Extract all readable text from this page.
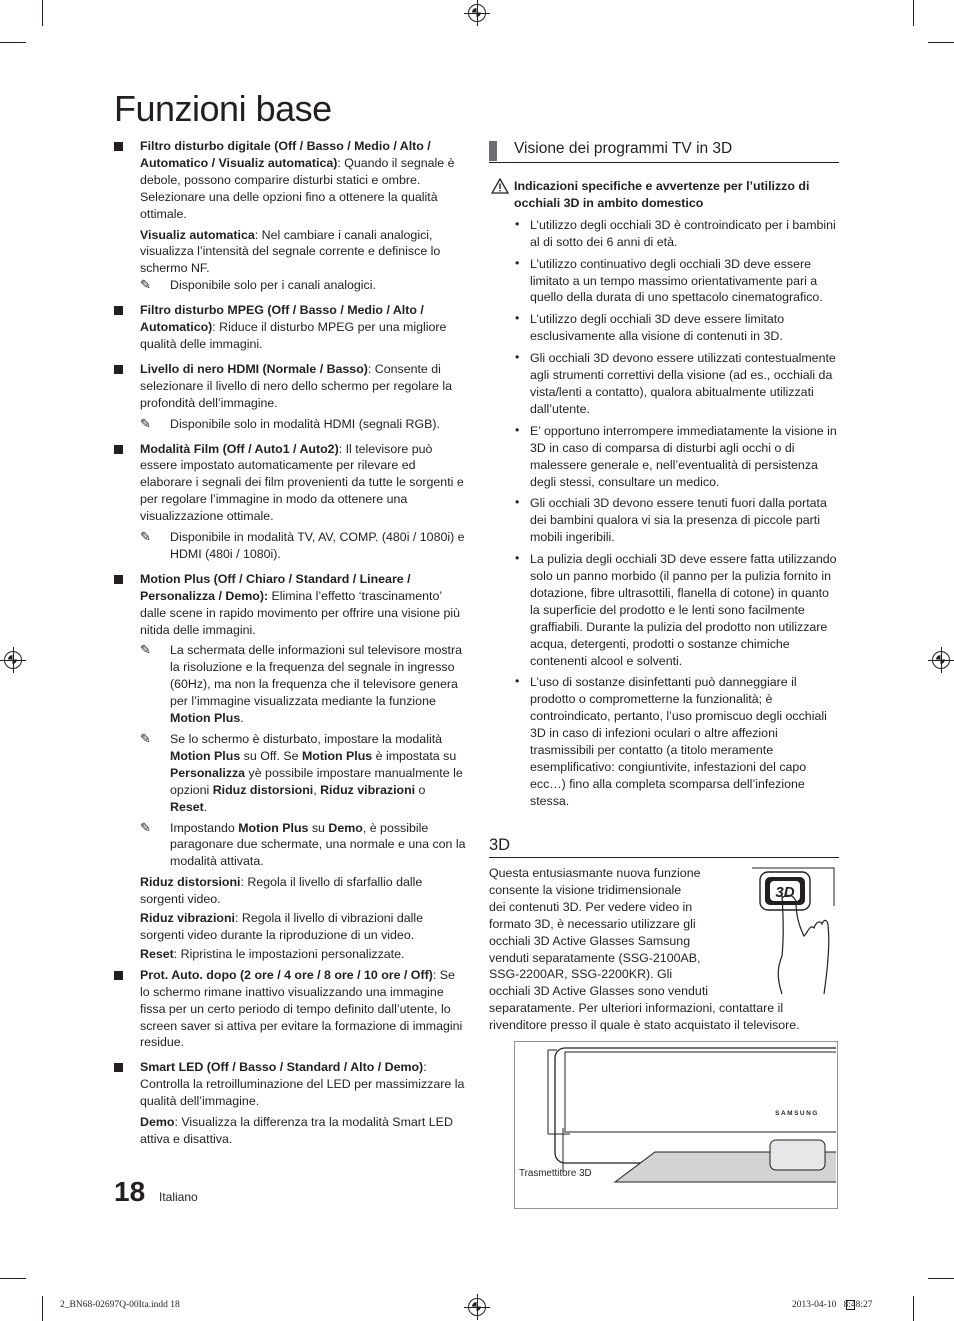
Funzioni base

Filtro disturbo digitale (Off / Basso / Medio / Alto / Automatico / Visualiz automatica): Quando il segnale è debole, possono comparire disturbi statici e ombre. Selezionare una delle opzioni fino a ottenere la qualità ottimale.

Visualiz automatica: Nel cambiare i canali analogici, visualizza l’intensità del segnale corrente e definisce lo schermo NF.

✎ Disponibile solo per i canali analogici.

Filtro disturbo MPEG (Off / Basso / Medio / Alto / Automatico): Riduce il disturbo MPEG per una migliore qualità delle immagini.

Livello di nero HDMI (Normale / Basso): Consente di selezionare il livello di nero dello schermo per regolare la profondità dell’immagine.

✎ Disponibile solo in modalità HDMI (segnali RGB).

Modalità Film (Off / Auto1 / Auto2): Il televisore può essere impostato automaticamente per rilevare ed elaborare i segnali dei film provenienti da tutte le sorgenti e per regolare l’immagine in modo da ottenere una visualizzazione ottimale.

✎ Disponibile in modalità TV, AV, COMP. (480i / 1080i) e HDMI (480i / 1080i).

Motion Plus (Off / Chiaro / Standard / Lineare / Personalizza / Demo): Elimina l’effetto ‘trascinamento’ dalle scene in rapido movimento per offrire una visione più nitida delle immagini.

✎ La schermata delle informazioni sul televisore mostra la risoluzione e la frequenza del segnale in ingresso (60Hz), ma non la frequenza che il televisore genera per l’immagine visualizzata mediante la funzione Motion Plus.
✎ Se lo schermo è disturbato, impostare la modalità Motion Plus su Off. Se Motion Plus è impostata su Personalizza yè possibile impostare manualmente le opzioni Riduz distorsioni, Riduz vibrazioni o Reset.
✎ Impostando Motion Plus su Demo, è possibile paragonare due schermate, una normale e una con la modalità attivata.

Riduz distorsioni: Regola il livello di sfarfallio dalle sorgenti video.

Riduz vibrazioni: Regola il livello di vibrazioni dalle sorgenti video durante la riproduzione di un video.

Reset: Ripristina le impostazioni personalizzate.

Prot. Auto. dopo (2 ore / 4 ore / 8 ore / 10 ore / Off): Se lo schermo rimane inattivo visualizzando una immagine fissa per un certo periodo di tempo definito dall’utente, lo screen saver si attiva per evitare la formazione di immagini residue.

Smart LED (Off / Basso / Standard / Alto / Demo): Controlla la retroilluminazione del LED per massimizzare la qualità dell’immagine.

Demo: Visualizza la differenza tra la modalità Smart LED attiva e disattiva.

Visione dei programmi TV in 3D

Indicazioni specifiche e avvertenze per l’utilizzo di occhiali 3D in ambito domestico

• L’utilizzo degli occhiali 3D è controindicato per i bambini al di sotto dei 6 anni di età.
• L’utilizzo continuativo degli occhiali 3D deve essere limitato a un tempo massimo orientativamente pari a quello della durata di uno spettacolo cinematografico.
• L’utilizzo degli occhiali 3D deve essere limitato esclusivamente alla visione di contenuti in 3D.
• Gli occhiali 3D devono essere utilizzati contestualmente agli strumenti correttivi della visione (ad es., occhiali da vista/lenti a contatto), qualora abitualmente utilizzati dall’utente.
• E’ opportuno interrompere immediatamente la visione in 3D in caso di comparsa di disturbi agli occhi o di malessere generale e, nell’eventualità di persistenza degli stessi, consultare un medico.
• Gli occhiali 3D devono essere tenuti fuori dalla portata dei bambini qualora vi sia la presenza di piccole parti mobili ingeribili.
• La pulizia degli occhiali 3D deve essere fatta utilizzando solo un panno morbido (il panno per la pulizia fornito in dotazione, fibre ultrasottili, flanella di cotone) in quanto la superficie del prodotto e le lenti sono facilmente graffiabili. Durante la pulizia del prodotto non utilizzare acqua, detergenti, prodotti o sostanze chimiche contenenti alcool e solventi.
• L’uso di sostanze disinfettanti può danneggiare il prodotto o comprometterne la funzionalità; è controindicato, pertanto, l’uso promiscuo degli occhiali 3D in caso di infezioni oculari o altre affezioni trasmissibili per contatto (a titolo meramente esemplificativo: congiuntivite, infestazioni del capo ecc…) fino alla completa scomparsa dell’infezione stessa.
3D
Questa entusiasmante nuova funzione
consente la visione tridimensionale
dei contenuti 3D. Per vedere video in
formato 3D, è necessario utilizzare gli
occhiali 3D Active Glasses Samsung
venduti separatamente (SSG-2100AB,
SSG-2200AR, SSG-2200KR). Gli
occhiali 3D Active Glasses sono venduti
separatamente. Per ulteriori informazioni, contattare il rivenditore presso il quale è stato acquistato il televisore.
3D
SAMSUNG
Trasmettitore 3D
18 Italiano
2_BN68-02697Q-00Ita.indd 18	2013-04-10   8:48:27
